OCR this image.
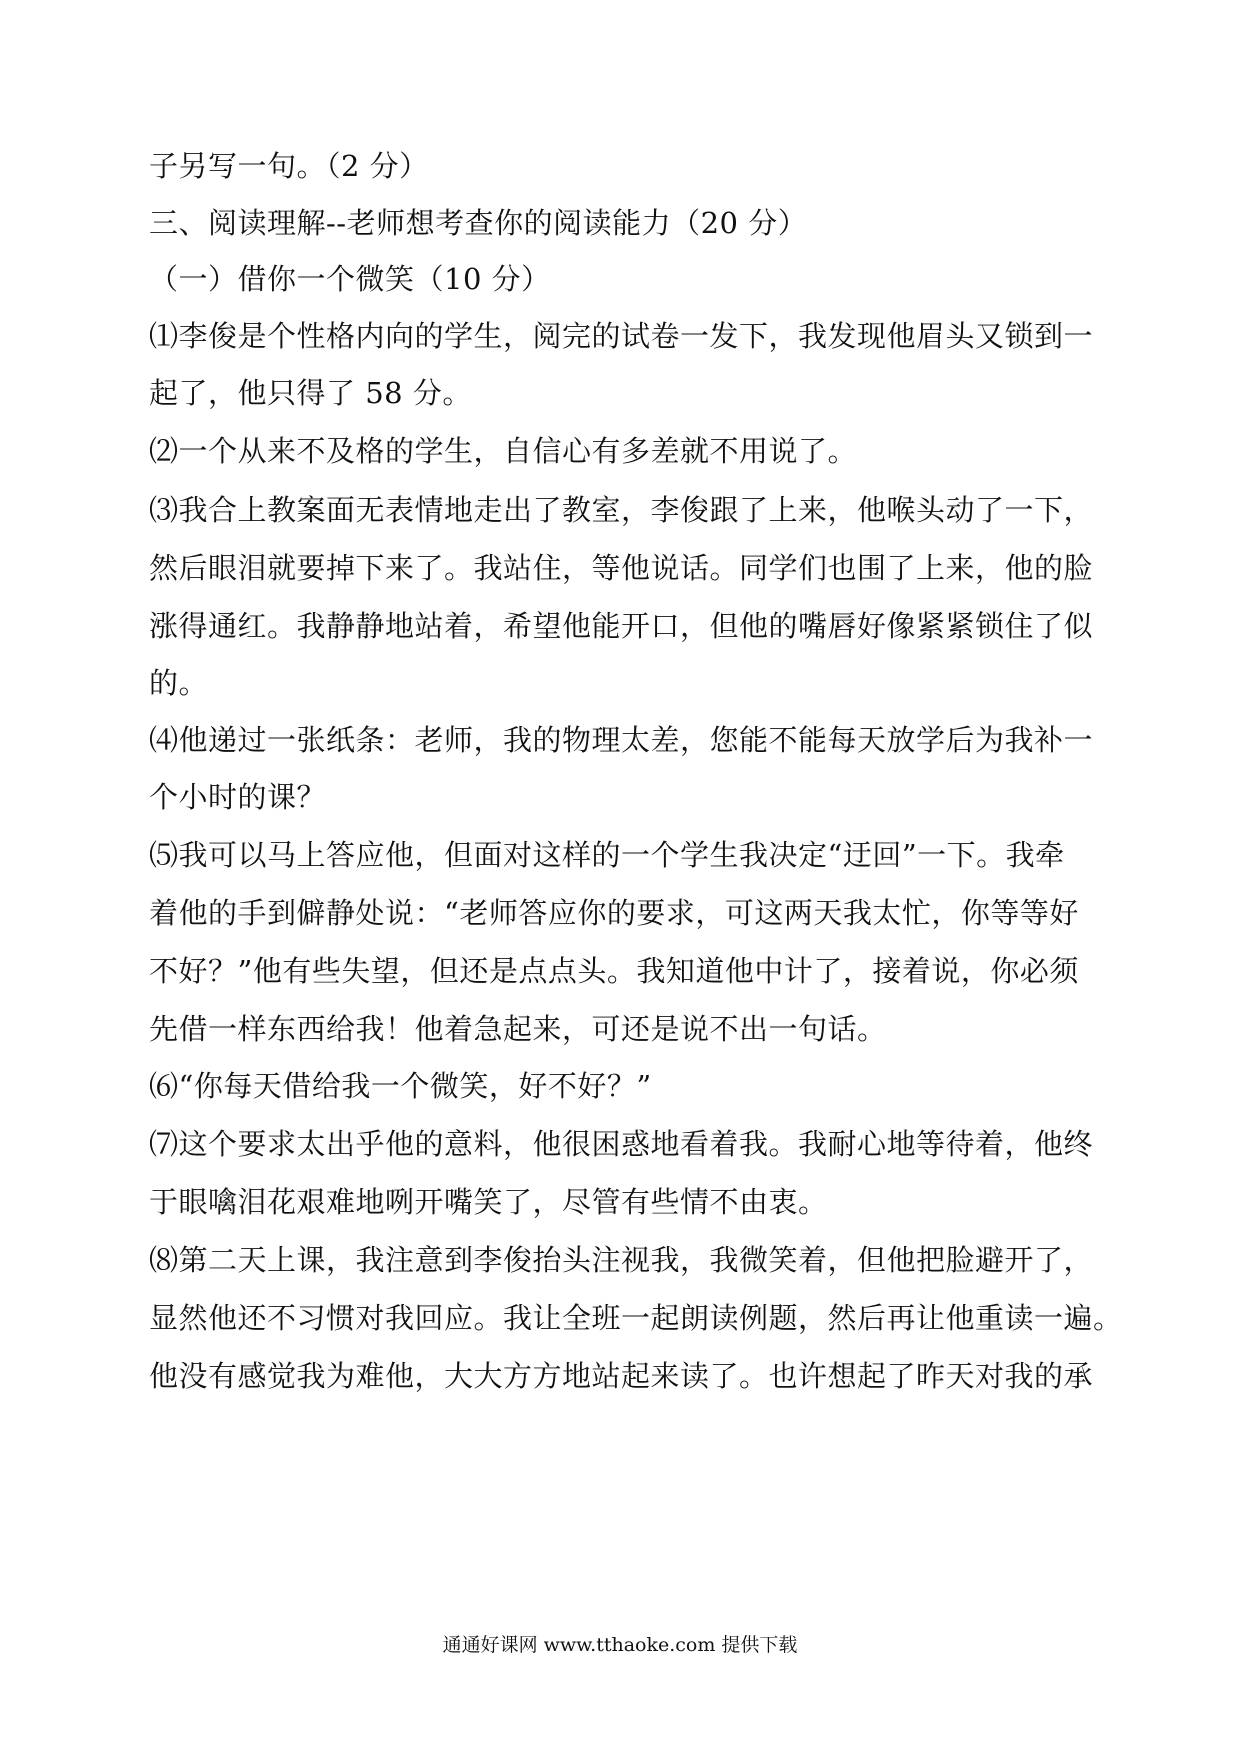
子另写一句。（2 分）
三、阅读理解--老师想考查你的阅读能力（20 分）
（一）借你一个微笑（10 分）
⑴李俊是个性格内向的学生，阅完的试卷一发下，我发现他眉头又锁到一
起了，他只得了 58 分。
⑵一个从来不及格的学生，自信心有多差就不用说了。
⑶我合上教案面无表情地走出了教室，李俊跟了上来，他喉头动了一下，
然后眼泪就要掉下来了。我站住，等他说话。同学们也围了上来，他的脸
涨得通红。我静静地站着，希望他能开口，但他的嘴唇好像紧紧锁住了似
的。
⑷他递过一张纸条：老师，我的物理太差，您能不能每天放学后为我补一
个小时的课？
⑸我可以马上答应他，但面对这样的一个学生我决定“迂回”一下。我牵
着他的手到僻静处说：“老师答应你的要求，可这两天我太忙，你等等好
不好？”他有些失望，但还是点点头。我知道他中计了，接着说，你必须
先借一样东西给我！他着急起来，可还是说不出一句话。
⑹“你每天借给我一个微笑，好不好？”
⑺这个要求太出乎他的意料，他很困惑地看着我。我耐心地等待着，他终
于眼噙泪花艰难地咧开嘴笑了，尽管有些情不由衷。
⑻第二天上课，我注意到李俊抬头注视我，我微笑着，但他把脸避开了，
显然他还不习惯对我回应。我让全班一起朗读例题，然后再让他重读一遍。
他没有感觉我为难他，大大方方地站起来读了。也许想起了昨天对我的承
通通好课网 www.tthaoke.com 提供下载
